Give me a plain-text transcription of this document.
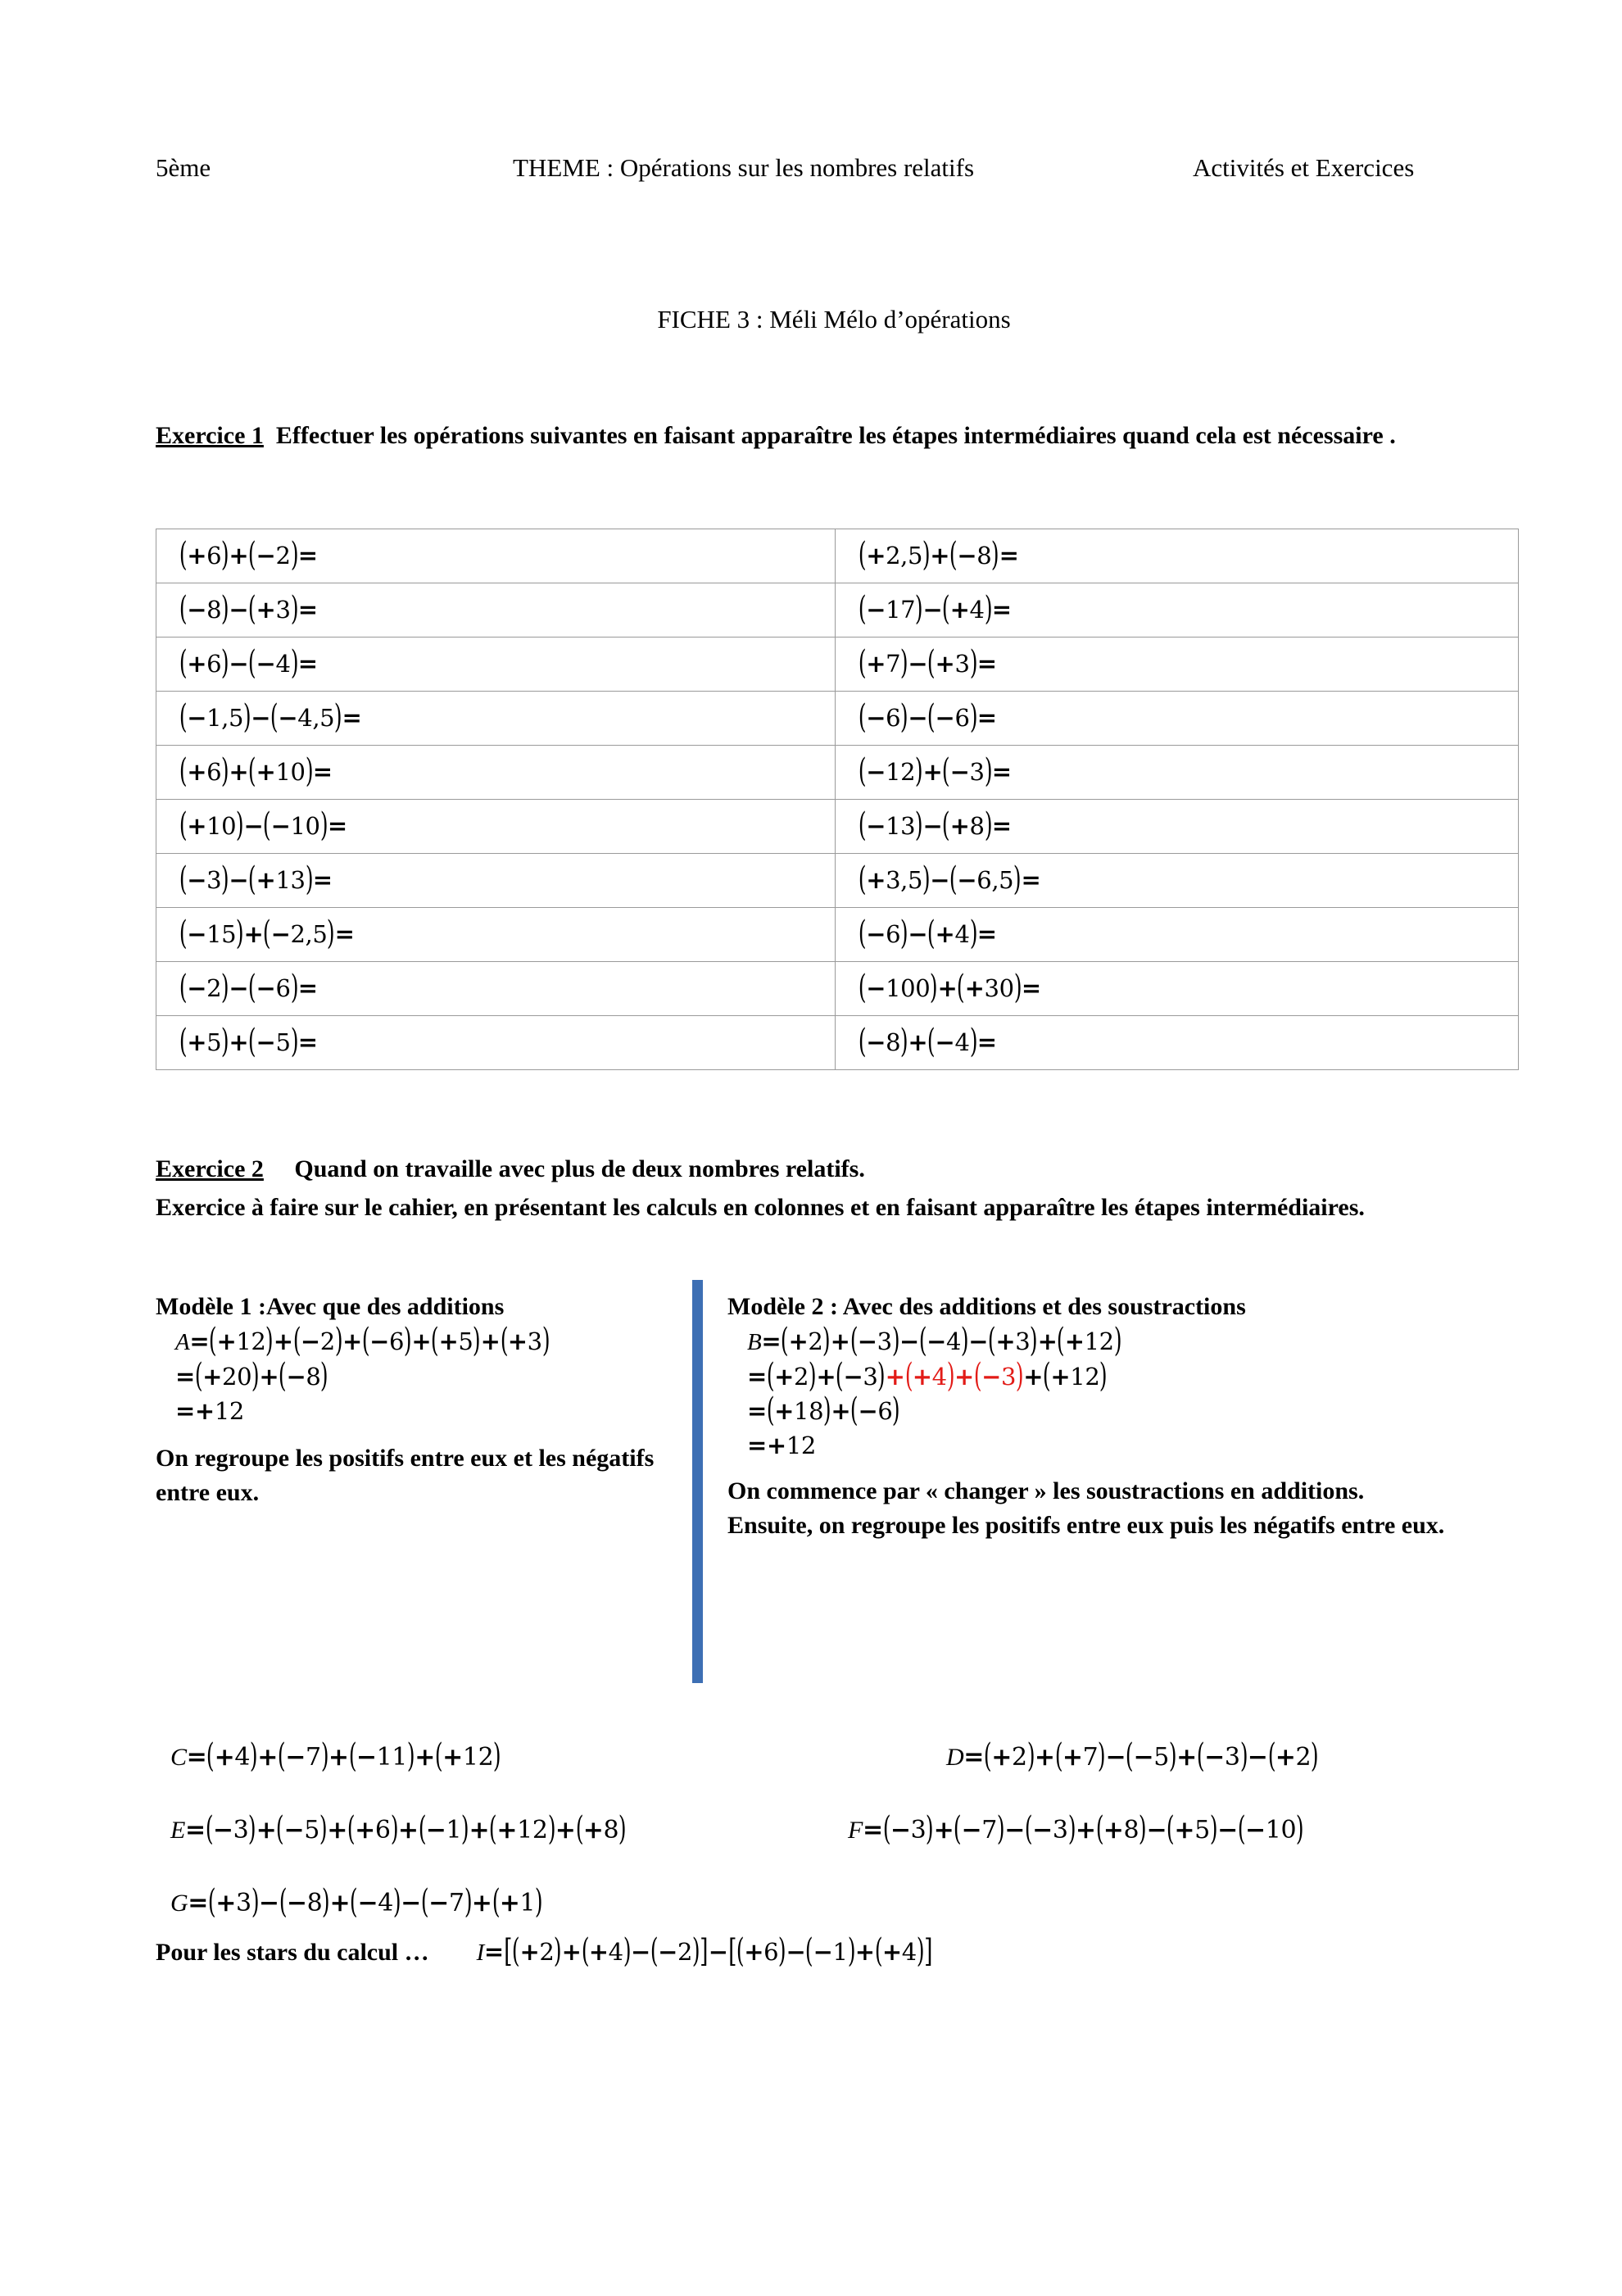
5ème	THEME : Opérations sur les nombres relatifs	Activités et Exercices
FICHE 3 : Méli Mélo d’opérations
Exercice 1 Effectuer les opérations suivantes en faisant apparaître les étapes intermédiaires quand cela est nécessaire .
(+6)+(−2)=	(+2,5)+(−8)=
(−8)−(+3)=	(−17)−(+4)=
(+6)−(−4)=	(+7)−(+3)=
(−1,5)−(−4,5)=	(−6)−(−6)=
(+6)+(+10)=	(−12)+(−3)=
(+10)−(−10)=	(−13)−(+8)=
(−3)−(+13)=	(+3,5)−(−6,5)=
(−15)+(−2,5)=	(−6)−(+4)=
(−2)−(−6)=	(−100)+(+30)=
(+5)+(−5)=	(−8)+(−4)=
Exercice 2 Quand on travaille avec plus de deux nombres relatifs.
Exercice à faire sur le cahier, en présentant les calculs en colonnes et en faisant apparaître les étapes intermédiaires.
Modèle 1 :Avec que des additions
A=(+12)+(−2)+(−6)+(+5)+(+3)
=(+20)+(−8)
=+12
On regroupe les positifs entre eux et les négatifs entre eux.
Modèle 2 : Avec des additions et des soustractions
B=(+2)+(−3)−(−4)−(+3)+(+12)
=(+2)+(−3)+(+4)+(−3)+(+12)
=(+18)+(−6)
=+12
On commence par « changer » les soustractions en additions.
Ensuite, on regroupe les positifs entre eux puis les négatifs entre eux.
C=(+4)+(−7)+(−11)+(+12)	D=(+2)+(+7)−(−5)+(−3)−(+2)
E=(−3)+(−5)+(+6)+(−1)+(+12)+(+8)	F=(−3)+(−7)−(−3)+(+8)−(+5)−(−10)
G=(+3)−(−8)+(−4)−(−7)+(+1)
Pour les stars du calcul … I=[(+2)+(+4)−(−2)]−[(+6)−(−1)+(+4)]
